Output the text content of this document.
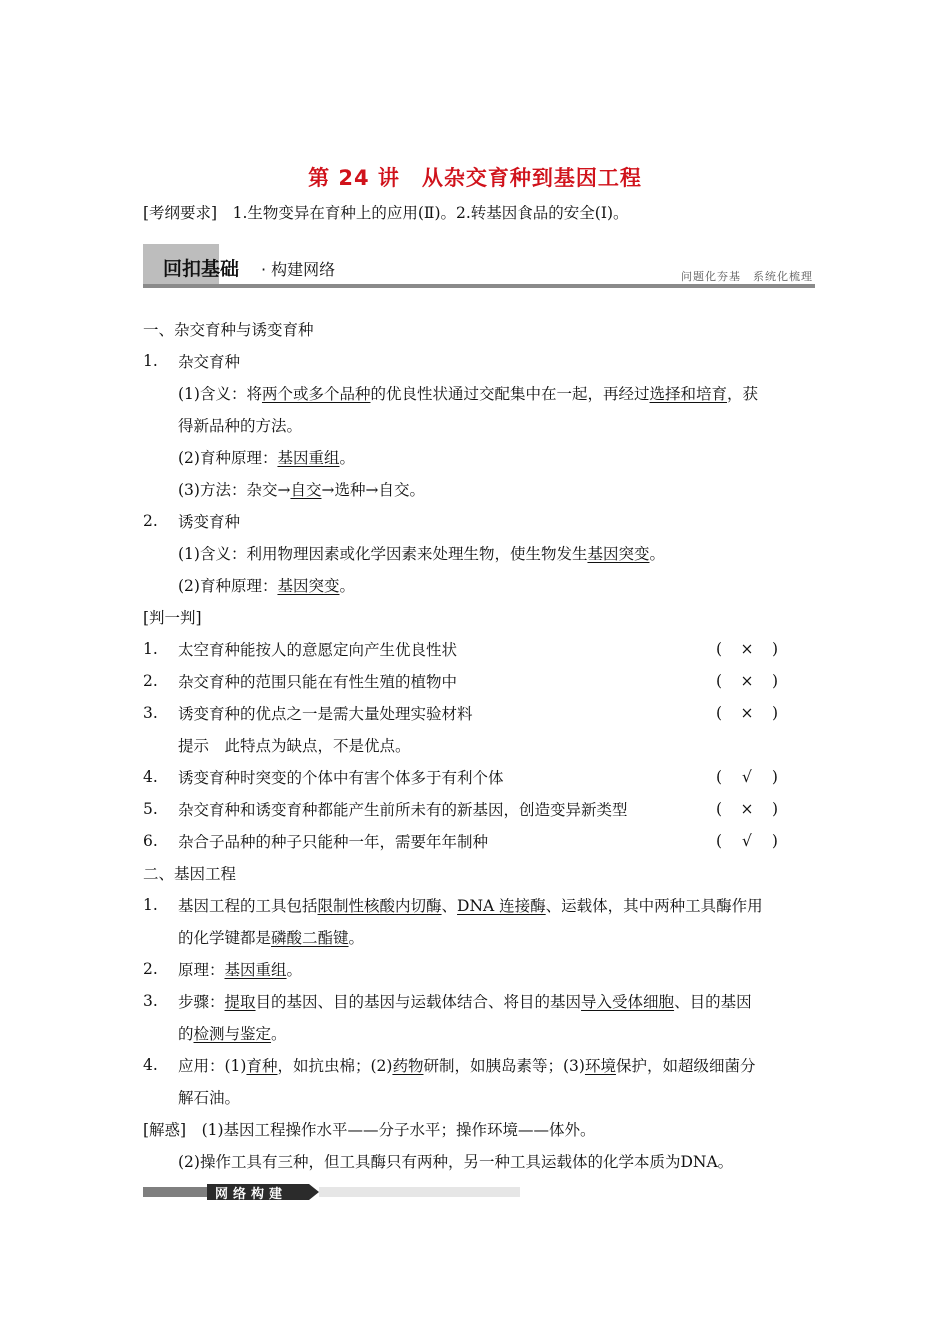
第 24 讲　从杂交育种到基因工程
[考纲要求]　1.生物变异在育种上的应用(Ⅱ)。2.转基因食品的安全(Ⅰ)。
回扣基础 · 构建网络	问题化夯基　系统化梳理
一、杂交育种与诱变育种
1. 杂交育种
(1)含义：将两个或多个品种的优良性状通过交配集中在一起，再经过选择和培育，获
得新品种的方法。
(2)育种原理：基因重组。
(3)方法：杂交→自交→选种→自交。
2. 诱变育种
(1)含义：利用物理因素或化学因素来处理生物，使生物发生基因突变。
(2)育种原理：基因突变。
[判一判]
1. 太空育种能按人的意愿定向产生优良性状	( × )
2. 杂交育种的范围只能在有性生殖的植物中	( × )
3. 诱变育种的优点之一是需大量处理实验材料	( × )
提示　此特点为缺点，不是优点。
4. 诱变育种时突变的个体中有害个体多于有利个体	( √ )
5. 杂交育种和诱变育种都能产生前所未有的新基因，创造变异新类型	( × )
6. 杂合子品种的种子只能种一年，需要年年制种	( √ )
二、基因工程
1. 基因工程的工具包括限制性核酸内切酶、DNA 连接酶、运载体，其中两种工具酶作用
的化学键都是磷酸二酯键。
2. 原理：基因重组。
3. 步骤：提取目的基因、目的基因与运载体结合、将目的基因导入受体细胞、目的基因
的检测与鉴定。
4. 应用：(1)育种，如抗虫棉；(2)药物研制，如胰岛素等；(3)环境保护，如超级细菌分
解石油。
[解惑]　(1)基因工程操作水平——分子水平；操作环境——体外。
(2)操作工具有三种，但工具酶只有两种，另一种工具运载体的化学本质为DNA。
网络构建
